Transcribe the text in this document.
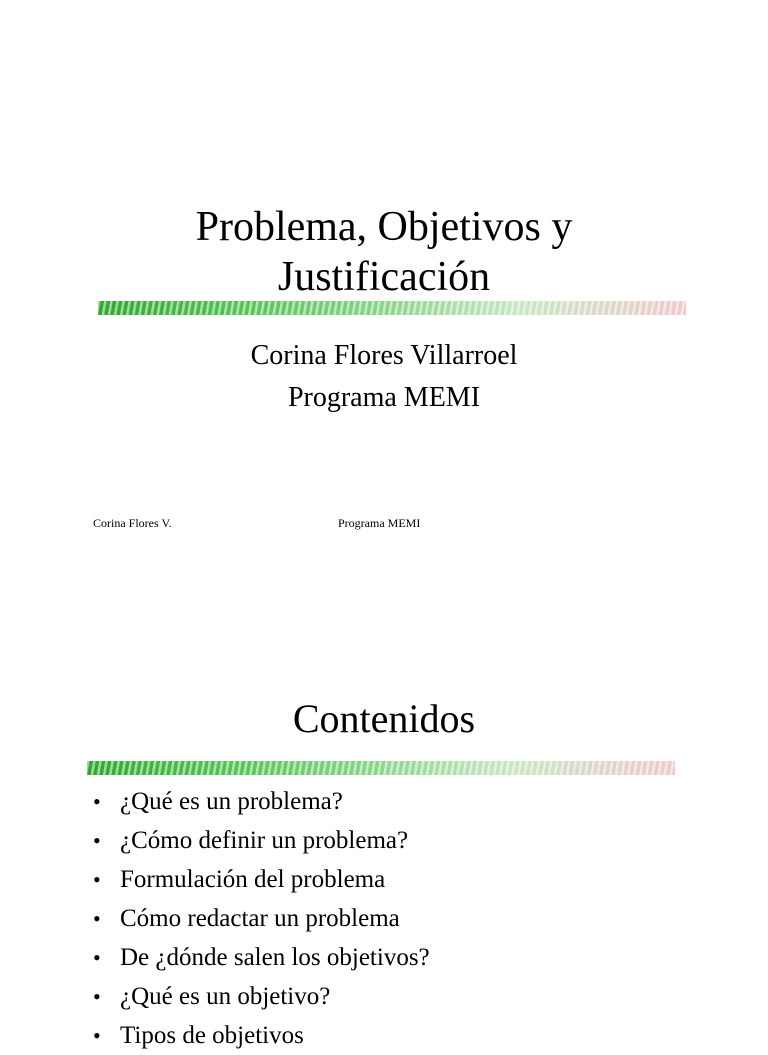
Problema, Objetivos y
Justificación
Corina Flores Villarroel
Programa MEMI
Corina Flores V.	Programa MEMI
Contenidos
• ¿Qué es un problema?
• ¿Cómo definir un problema?
• Formulación del problema
• Cómo redactar un problema
• De ¿dónde salen los objetivos?
• ¿Qué es un objetivo?
• Tipos de objetivos
